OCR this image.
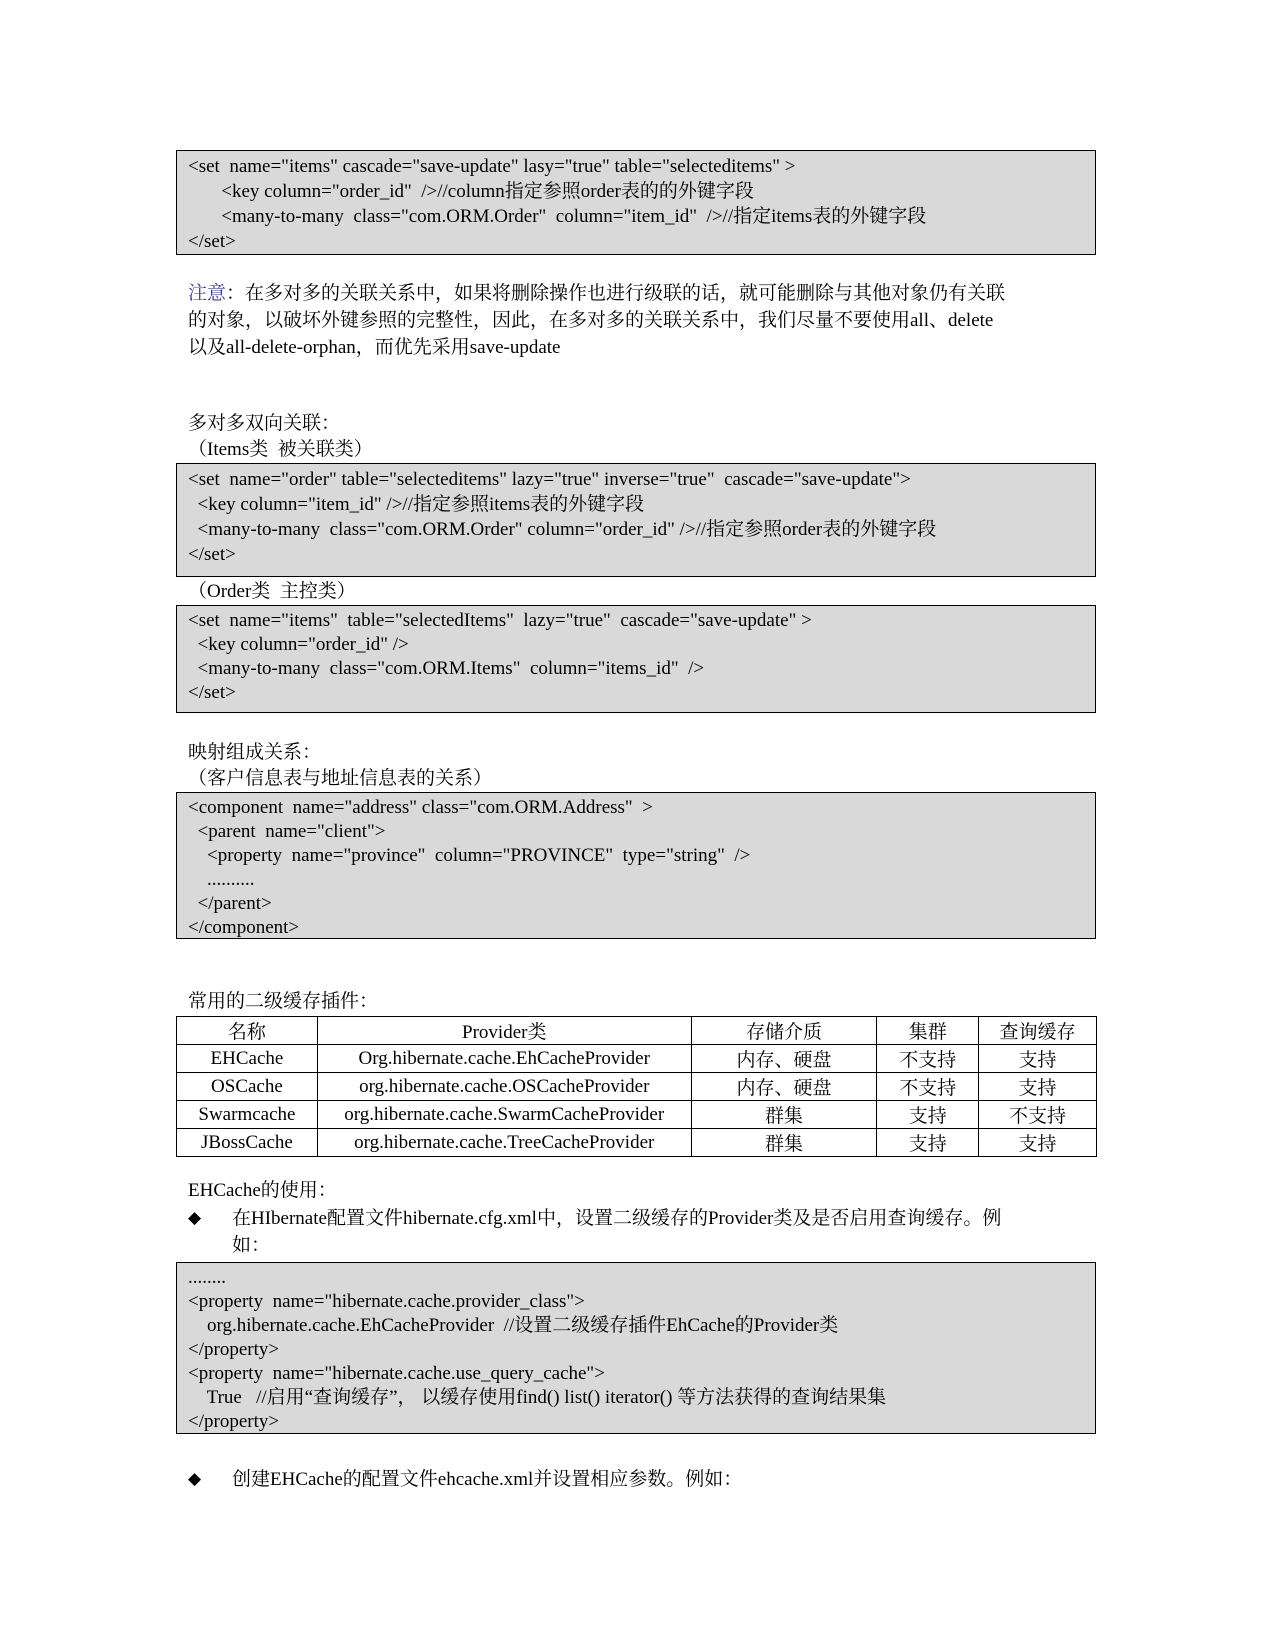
<set  name="items" cascade="save-update" lasy="true" table="selecteditems" >
<key column="order_id"  />//column指定参照order表的的外键字段
<many-to-many  class="com.ORM.Order"  column="item_id"  />//指定items表的外键字段
</set>
注意：在多对多的关联关系中，如果将删除操作也进行级联的话，就可能删除与其他对象仍有关联
的对象，以破坏外键参照的完整性，因此，在多对多的关联关系中，我们尽量不要使用all、delete
以及all-delete-orphan，而优先采用save-update
多对多双向关联：
（Items类  被关联类）
<set  name="order" table="selecteditems" lazy="true" inverse="true"  cascade="save-update">
<key column="item_id" />//指定参照items表的外键字段
<many-to-many  class="com.ORM.Order" column="order_id" />//指定参照order表的外键字段
</set>
（Order类  主控类）
<set  name="items"  table="selectedItems"  lazy="true"  cascade="save-update" >
<key column="order_id" />
<many-to-many  class="com.ORM.Items"  column="items_id"  />
</set>
映射组成关系：
（客户信息表与地址信息表的关系）
<component  name="address" class="com.ORM.Address"  >
<parent  name="client">
<property  name="province"  column="PROVINCE"  type="string"  />
..........
</parent>
</component>
常用的二级缓存插件：
名称	Provider类	存储介质	集群	查询缓存
EHCache	Org.hibernate.cache.EhCacheProvider	内存、硬盘	不支持	支持
OSCache	org.hibernate.cache.OSCacheProvider	内存、硬盘	不支持	支持
Swarmcache	org.hibernate.cache.SwarmCacheProvider	群集	支持	不支持
JBossCache	org.hibernate.cache.TreeCacheProvider	群集	支持	支持
EHCache的使用：
◆	在HIbernate配置文件hibernate.cfg.xml中，设置二级缓存的Provider类及是否启用查询缓存。例
如：
........
<property  name="hibernate.cache.provider_class">
org.hibernate.cache.EhCacheProvider  //设置二级缓存插件EhCache的Provider类
</property>
<property  name="hibernate.cache.use_query_cache">
True   //启用“查询缓存”， 以缓存使用find() list() iterator() 等方法获得的查询结果集
</property>
◆	创建EHCache的配置文件ehcache.xml并设置相应参数。例如：
